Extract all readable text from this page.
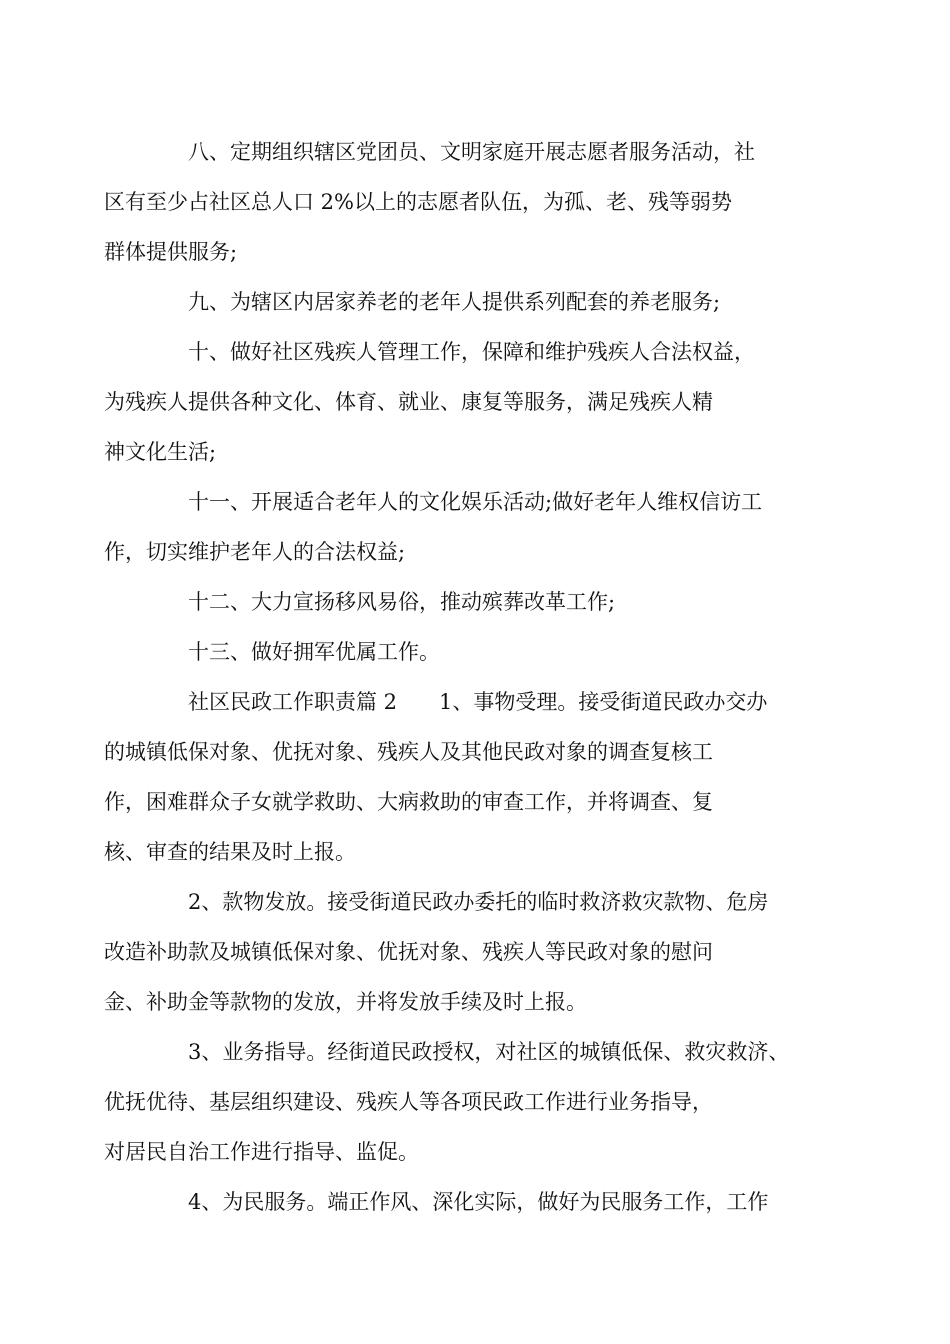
八、定期组织辖区党团员、文明家庭开展志愿者服务活动，社
区有至少占社区总人口 2%以上的志愿者队伍，为孤、老、残等弱势
群体提供服务;

九、为辖区内居家养老的老年人提供系列配套的养老服务;

十、做好社区残疾人管理工作，保障和维护残疾人合法权益，
为残疾人提供各种文化、体育、就业、康复等服务，满足残疾人精
神文化生活;

十一、开展适合老年人的文化娱乐活动;做好老年人维权信访工
作，切实维护老年人的合法权益;

十二、大力宣扬移风易俗，推动殡葬改革工作;

十三、做好拥军优属工作。

社区民政工作职责篇 2　　1、事物受理。接受街道民政办交办
的城镇低保对象、优抚对象、残疾人及其他民政对象的调查复核工
作，困难群众子女就学救助、大病救助的审查工作，并将调查、复
核、审查的结果及时上报。

2、款物发放。接受街道民政办委托的临时救济救灾款物、危房
改造补助款及城镇低保对象、优抚对象、残疾人等民政对象的慰问
金、补助金等款物的发放，并将发放手续及时上报。

3、业务指导。经街道民政授权，对社区的城镇低保、救灾救济、
优抚优待、基层组织建设、残疾人等各项民政工作进行业务指导，
对居民自治工作进行指导、监促。

4、为民服务。端正作风、深化实际，做好为民服务工作，工作
